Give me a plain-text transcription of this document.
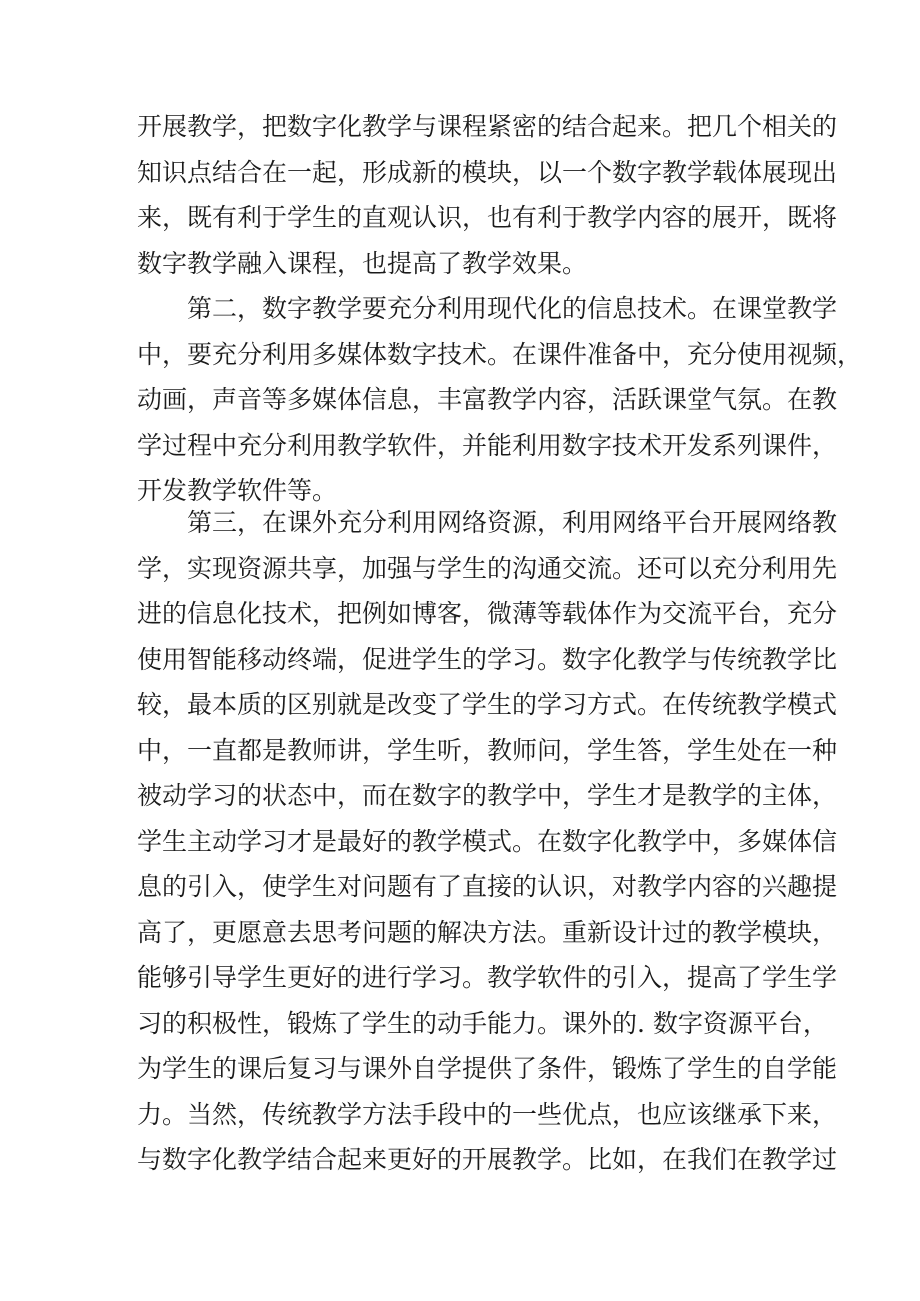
开展教学，把数字化教学与课程紧密的结合起来。把几个相关的
知识点结合在一起，形成新的模块，以一个数字教学载体展现出
来，既有利于学生的直观认识，也有利于教学内容的展开，既将
数字教学融入课程，也提高了教学效果。
第二，数字教学要充分利用现代化的信息技术。在课堂教学
中，要充分利用多媒体数字技术。在课件准备中，充分使用视频，
动画，声音等多媒体信息，丰富教学内容，活跃课堂气氛。在教
学过程中充分利用教学软件，并能利用数字技术开发系列课件，
开发教学软件等。
第三，在课外充分利用网络资源，利用网络平台开展网络教
学，实现资源共享，加强与学生的沟通交流。还可以充分利用先
进的信息化技术，把例如博客，微薄等载体作为交流平台，充分
使用智能移动终端，促进学生的学习。数字化教学与传统教学比
较，最本质的区别就是改变了学生的学习方式。在传统教学模式
中，一直都是教师讲，学生听，教师问，学生答，学生处在一种
被动学习的状态中，而在数字的教学中，学生才是教学的主体，
学生主动学习才是最好的教学模式。在数字化教学中，多媒体信
息的引入，使学生对问题有了直接的认识，对教学内容的兴趣提
高了，更愿意去思考问题的解决方法。重新设计过的教学模块，
能够引导学生更好的进行学习。教学软件的引入，提高了学生学
习的积极性，锻炼了学生的动手能力。课外的. 数字资源平台，
为学生的课后复习与课外自学提供了条件，锻炼了学生的自学能
力。当然，传统教学方法手段中的一些优点，也应该继承下来，
与数字化教学结合起来更好的开展教学。比如，在我们在教学过
